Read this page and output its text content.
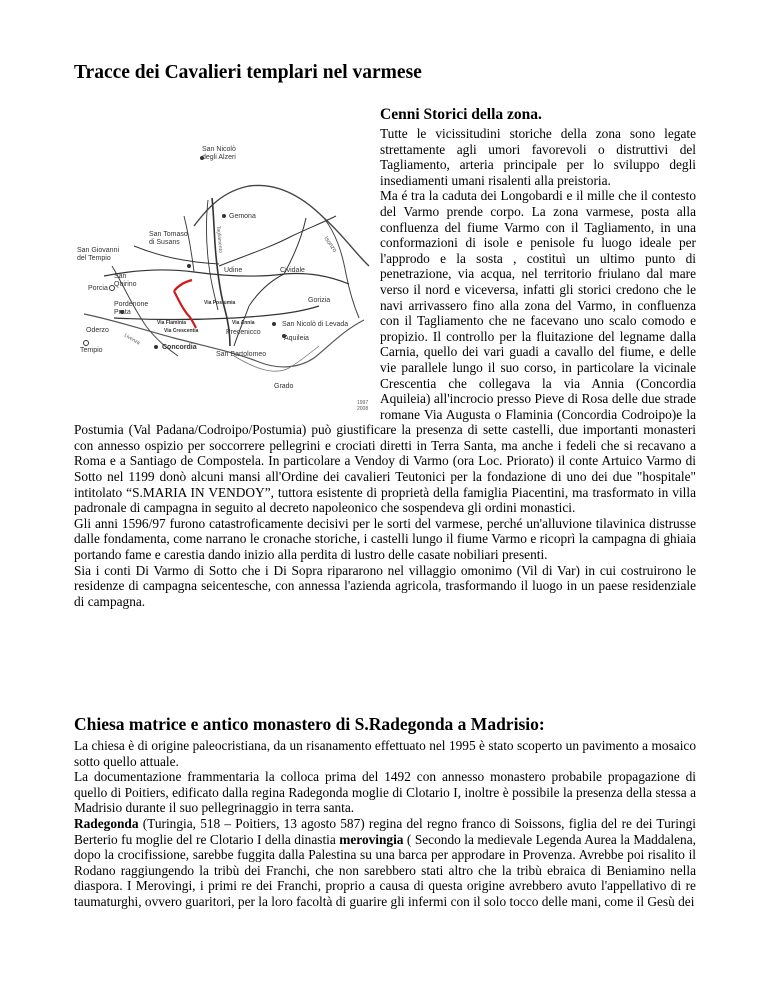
Tracce dei Cavalieri templari nel varmese
San Nicolò
degli Alzeri
Gemona
San Tomaso
di Susans
San Giovanni
del Tempio
San
Quirino
Porcia
Udine	Cividale
Pordenone
Prata
Via Postumia	Gorizia
Via Flaminia
Via Crescentia
Via Annia
Oderzo	Precenicco
San Nicolò di Levada
Aquileia
Tempio	Concordia
San Bartolomeo
Grado
Isonzo
Livenza
Tagliamento
1997
2008
Cenni Storici della zona.

Tutte le vicissitudini storiche della zona sono legate strettamente agli umori favorevoli o distruttivi del Tagliamento, arteria principale per lo sviluppo degli insediamenti umani risalenti alla preistoria.

Ma é tra la caduta dei Longobardi e il mille che il contesto del Varmo prende corpo. La zona varmese, posta alla confluenza del fiume Varmo con il Tagliamento, in una conformazioni di isole e penisole fu luogo ideale per l'approdo e la sosta , costituì un ultimo punto di penetrazione, via acqua, nel territorio friulano dal mare verso il nord e viceversa, infatti gli storici credono che le navi arrivassero fino alla zona del Varmo, in confluenza con il Tagliamento che ne facevano uno scalo comodo e propizio. Il controllo per la fluitazione del legname dalla Carnia, quello dei vari guadi a cavallo del fiume, e delle vie parallele lungo il suo corso, in particolare la vicinale Crescentia che collegava la via Annia (Concordia Aquileia) all'incrocio presso Pieve di Rosa delle due strade romane Via Augusta o Flaminia (Concordia Codroipo)e la Postumia (Val Padana/Codroipo/Postumia) può giustificare la presenza di sette castelli, due importanti monasteri con annesso ospizio per soccorrere pellegrini e crociati diretti in Terra Santa, ma anche i fedeli che si recavano a Roma e a Santiago de Compostela. In particolare a Vendoy di Varmo (ora Loc. Priorato) il conte Artuico Varmo di Sotto nel 1199 donò alcuni mansi all'Ordine dei cavalieri Teutonici per la fondazione di uno dei due "hospitale" intitolato “S.MARIA IN VENDOY”, tuttora esistente di proprietà della famiglia Piacentini, ma trasformato in villa padronale di campagna in seguito al decreto napoleonico che sospendeva gli ordini monastici.

Gli anni 1596/97 furono catastroficamente decisivi per le sorti del varmese, perché un'alluvione tilavinica distrusse dalle fondamenta, come narrano le cronache storiche, i castelli lungo il fiume Varmo e ricoprì la campagna di ghiaia portando fame e carestia dando inizio alla perdita di lustro delle casate nobiliari presenti.

Sia i conti Di Varmo di Sotto che i Di Sopra ripararono nel villaggio omonimo (Vil di Var) in cui costruirono le residenze di campagna seicentesche, con annessa l'azienda agricola, trasformando il luogo in un paese residenziale di campagna.

Chiesa matrice e antico monastero di S.Radegonda a Madrisio:

La chiesa è di origine paleocristiana, da un risanamento effettuato nel 1995 è stato scoperto un pavimento a mosaico sotto quello attuale.

La documentazione frammentaria la colloca prima del 1492 con annesso monastero probabile propagazione di quello di Poitiers, edificato dalla regina Radegonda moglie di Clotario I, inoltre è possibile la presenza della stessa a Madrisio durante il suo pellegrinaggio in terra santa.

Radegonda (Turingia, 518 – Poitiers, 13 agosto 587) regina del regno franco di Soissons, figlia del re dei Turingi Berterio fu moglie del re Clotario I della dinastia merovingia ( Secondo la medievale Legenda Aurea la Maddalena, dopo la crocifissione, sarebbe fuggita dalla Palestina su una barca per approdare in Provenza. Avrebbe poi risalito il Rodano raggiungendo la tribù dei Franchi, che non sarebbero stati altro che la tribù ebraica di Beniamino nella diaspora. I Merovingi, i primi re dei Franchi, proprio a causa di questa origine avrebbero avuto l'appellativo di re taumaturghi, ovvero guaritori, per la loro facoltà di guarire gli infermi con il solo tocco delle mani, come il Gesù dei
